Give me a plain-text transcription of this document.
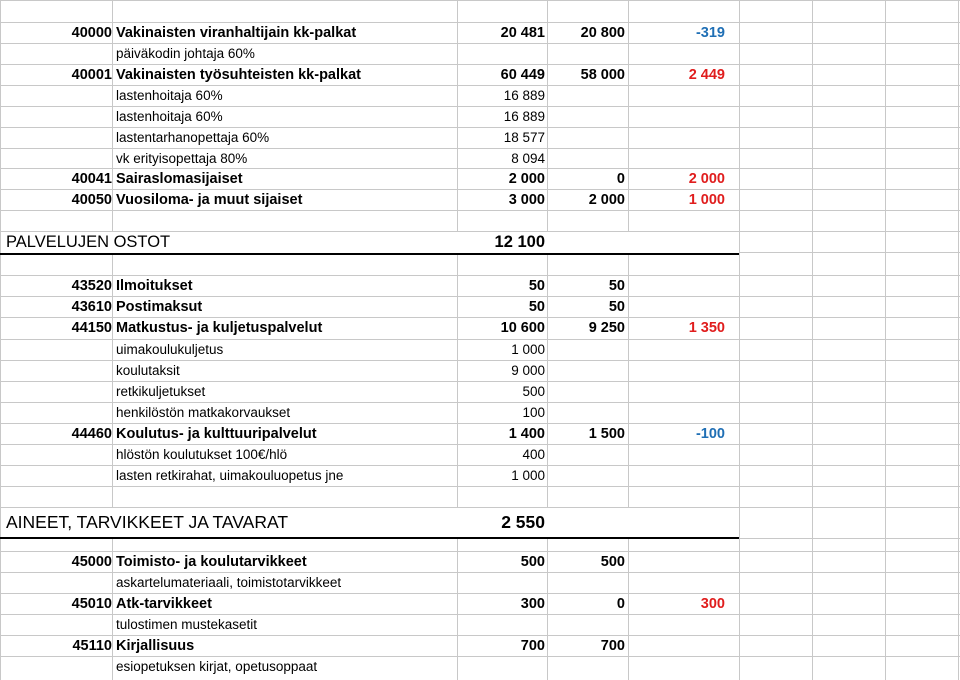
40000 Vakinaisten viranhaltijain kk-palkat	20 481	20 800	-319
päiväkodin johtaja 60%
40001 Vakinaisten työsuhteisten kk-palkat	60 449	58 000	2 449
lastenhoitaja 60%	16 889
lastenhoitaja 60%	16 889
lastentarhanopettaja 60%	18 577
vk erityisopettaja 80%	8 094
40041 Sairaslomasijaiset	2 000	0	2 000
40050 Vuosiloma- ja muut sijaiset	3 000	2 000	1 000
PALVELUJEN OSTOT	12 100
43520 Ilmoitukset	50	50
43610 Postimaksut	50	50
44150 Matkustus- ja kuljetuspalvelut	10 600	9 250	1 350
uimakoulukuljetus	1 000
koulutaksit	9 000
retkikuljetukset	500
henkilöstön matkakorvaukset	100
44460 Koulutus- ja kulttuuripalvelut	1 400	1 500	-100
hlöstön koulutukset 100€/hlö	400
lasten retkirahat, uimakouluopetus jne	1 000
AINEET, TARVIKKEET JA TAVARAT	2 550
45000 Toimisto- ja koulutarvikkeet	500	500
askartelumateriaali, toimistotarvikkeet
45010 Atk-tarvikkeet	300	0	300
tulostimen mustekasetit
45110 Kirjallisuus	700	700
esiopetuksen kirjat, opetusoppaat
